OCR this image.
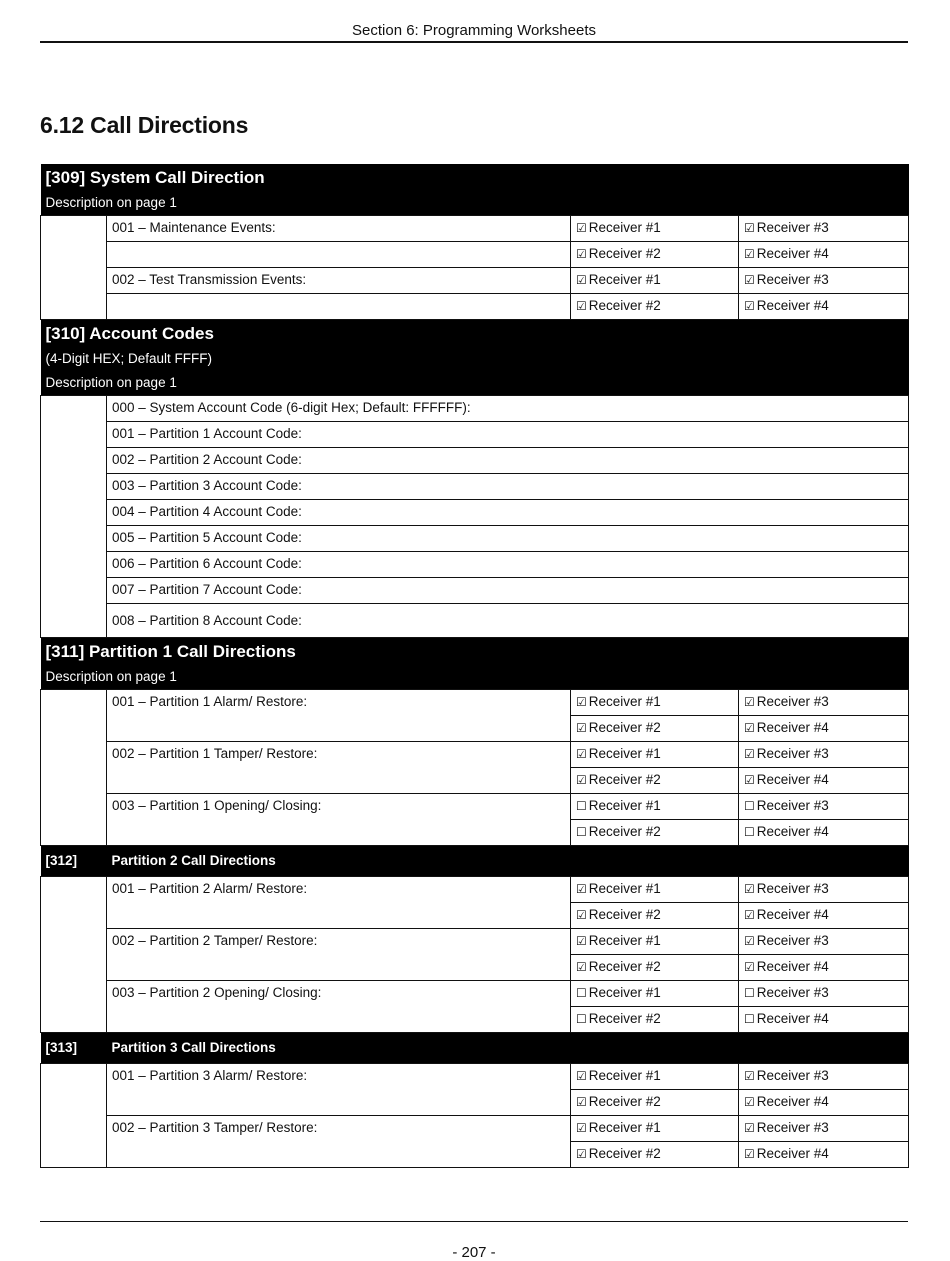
Section 6: Programming Worksheets
6.12 Call Directions
[309] System Call Direction
Description on page 1			

	001 – Maintenance Events:	☑ Receiver #1	☑ Receiver #3
		☑ Receiver #2	☑ Receiver #4
	002 – Test Transmission Events:	☑ Receiver #1	☑ Receiver #3
		☑ Receiver #2	☑ Receiver #4

[310] Account Codes
(4-Digit HEX; Default FFFF)
Description on page 1			

	000 – System Account Code (6-digit Hex; Default: FFFFFF):		
	001 – Partition 1 Account Code:		
	002 – Partition 2 Account Code:		
	003 – Partition 3 Account Code:		
	004 – Partition 4 Account Code:		
	005 – Partition 5 Account Code:		
	006 – Partition 6 Account Code:		
	007 – Partition 7 Account Code:		
	008 – Partition 8 Account Code:		

[311] Partition 1 Call Directions
Description on page 1			

	001 – Partition 1 Alarm/ Restore:	☑ Receiver #1	☑ Receiver #3
		☑ Receiver #2	☑ Receiver #4
	002 – Partition 1 Tamper/ Restore:	☑ Receiver #1	☑ Receiver #3
		☑ Receiver #2	☑ Receiver #4
	003 – Partition 1 Opening/ Closing:	☐ Receiver #1	☐ Receiver #3
		☐ Receiver #2	☐ Receiver #4
[312]	Partition 2 Call Directions		
	001 – Partition 2 Alarm/ Restore:	☑ Receiver #1	☑ Receiver #3
		☑ Receiver #2	☑ Receiver #4
	002 – Partition 2 Tamper/ Restore:	☑ Receiver #1	☑ Receiver #3
		☑ Receiver #2	☑ Receiver #4
	003 – Partition 2 Opening/ Closing:	☐ Receiver #1	☐ Receiver #3
		☐ Receiver #2	☐ Receiver #4
[313]	Partition 3 Call Directions		
	001 – Partition 3 Alarm/ Restore:	☑ Receiver #1	☑ Receiver #3
		☑ Receiver #2	☑ Receiver #4
	002 – Partition 3 Tamper/ Restore:	☑ Receiver #1	☑ Receiver #3
		☑ Receiver #2	☑ Receiver #4
- 207 -
